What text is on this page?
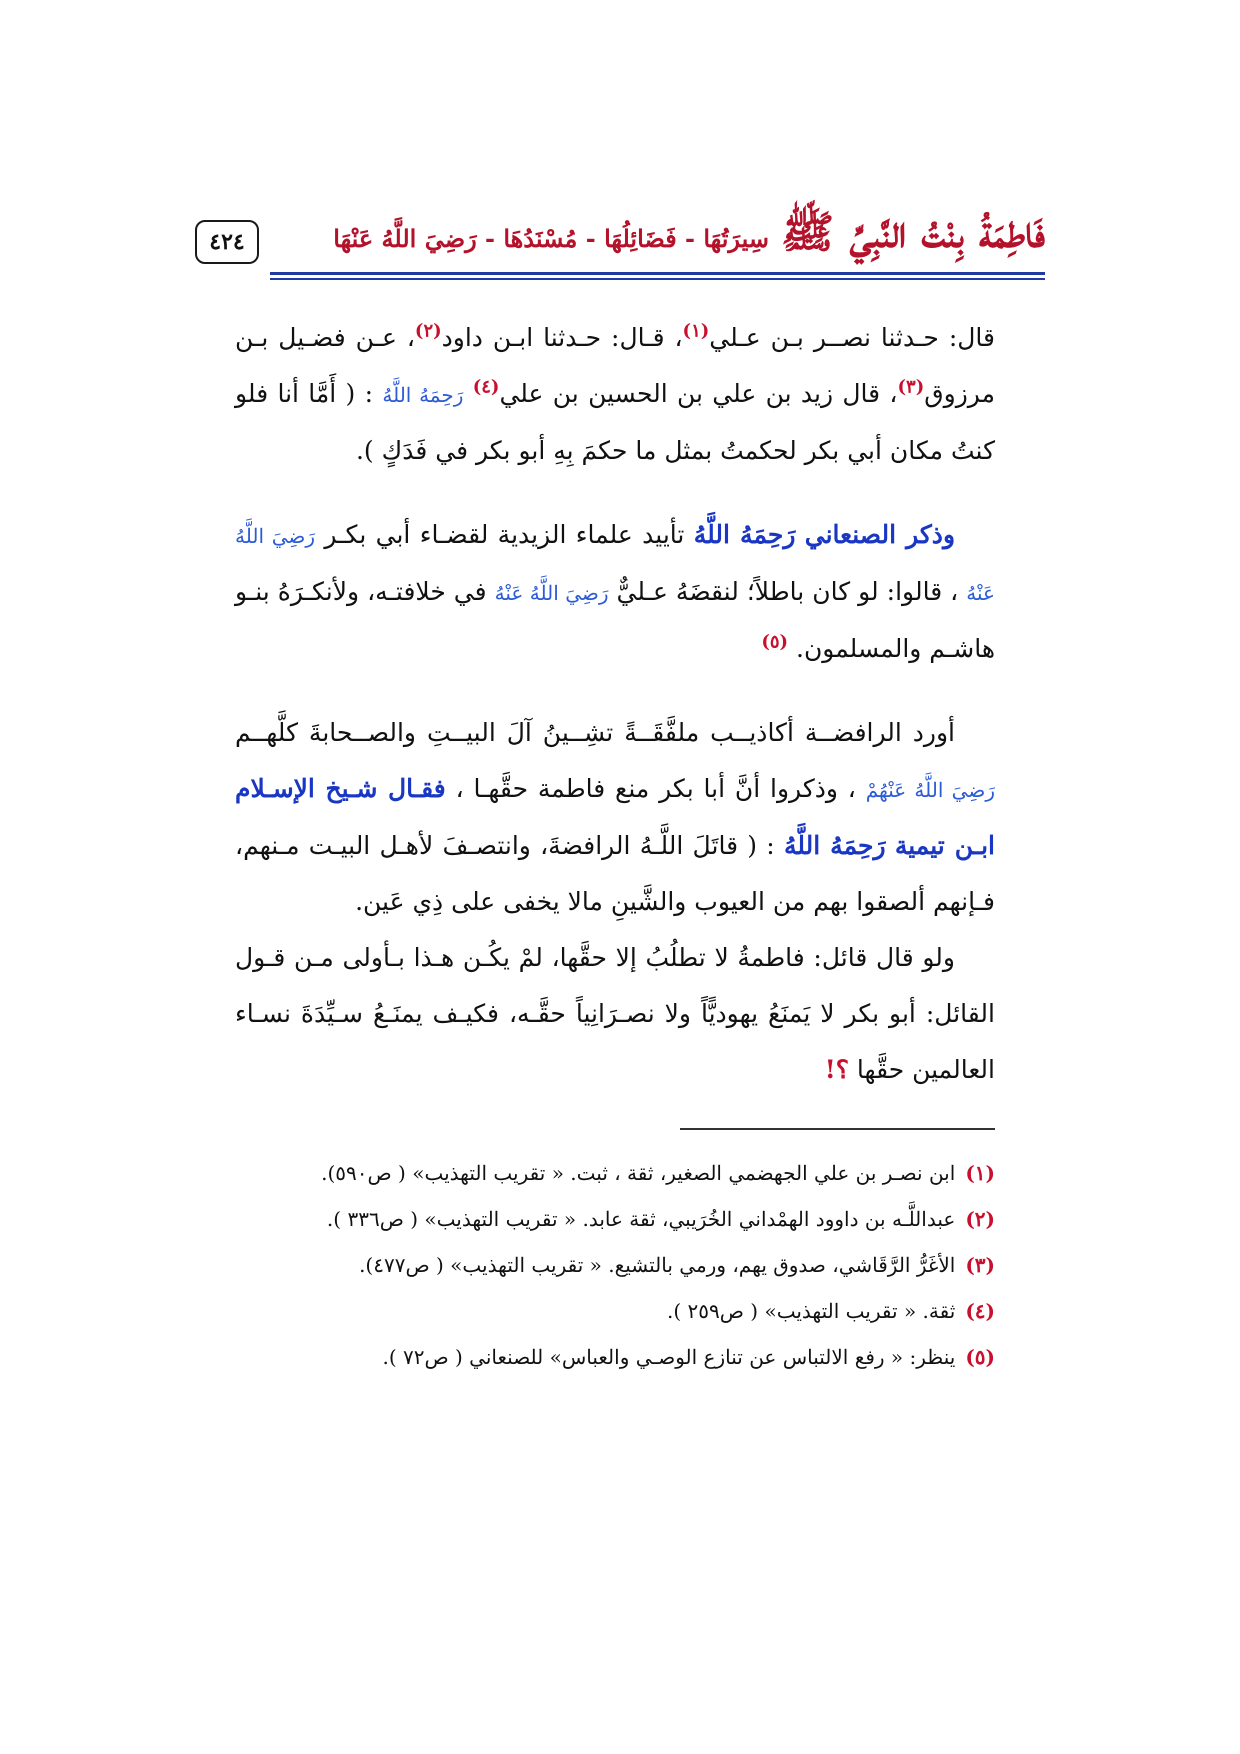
٤٢٤	فَاطِمَةُ بِنْتُ النَّبِيِّ ﷺ
سِيرَتُهَا - فَضَائِلُهَا - مُسْنَدُهَا - رَضِيَ اللَّهُ عَنْهَا

قال: حـدثنا نصــر بـن عـلي$^{(١)}$، قـال: حـدثنا ابـن داود$^{(٢)}$، عـن فضـيل بـن مرزوق$^{(٣)}$، قال زيد بن علي بن الحسين بن علي$^{(٤)}$ رَحِمَهُ اللَّهُ : ( أَمَّا أنا فلو كنتُ مكان أبي بكر لحكمتُ بمثل ما حكمَ بِهِ أبو بكر في فَدَكٍ ).

وذكر الصنعاني رَحِمَهُ اللَّهُ تأييد علماء الزيدية لقضـاء أبي بكـر رَضِيَ اللَّهُ عَنْهُ ، قالوا: لو كان باطلاً؛ لنقضَهُ عـليٌّ رَضِيَ اللَّهُ عَنْهُ في خلافتـه، ولأنكـرَهُ بنـو هاشـم والمسلمون. $^{(٥)}$

أورد الرافضــة أكاذيــب ملفَّقَــةً تشِــينُ آلَ البيــتِ والصــحابةَ كلَّهــم رَضِيَ اللَّهُ عَنْهُمْ ، وذكروا أنَّ أبا بكر منع فاطمة حقَّهـا ، فقـال شـيخ الإسـلام ابـن تيمية رَحِمَهُ اللَّهُ : ( قاتَلَ اللَّـهُ الرافضةَ، وانتصـفَ لأهـل البيـت مـنهم، فـإنهم ألصقوا بهم من العيوب والشَّينِ مالا يخفى على ذِي عَين.

ولو قال قائل: فاطمةُ لا تطلُبُ إلا حقَّها، لمْ يكُـن هـذا بـأولى مـن قـول القائل: أبو بكر لا يَمنَعُ يهوديًّاً ولا نصـرَانِياً حقَّـه، فكيـف يمنَـعُ سـيِّدَةَ نسـاء العالمين حقَّها ؟!

(١)
ابن نصـر بن علي الجهضمي الصغير، ثقة ، ثبت. « تقريب التهذيب» ( ص٥٩٠).
(٢)
عبداللَّـه بن داوود الهمْداني الخُرَيبي، ثقة عابد. « تقريب التهذيب» ( ص٣٣٦ ).
(٣)
الأغَرُّ الرَّقَاشي، صدوق يهم، ورمي بالتشيع. « تقريب التهذيب» ( ص٤٧٧).
(٤)
ثقة. « تقريب التهذيب» ( ص٢٥٩ ).
(٥)
ينظر: « رفع الالتباس عن تنازع الوصـي والعباس» للصنعاني ( ص٧٢ ).
